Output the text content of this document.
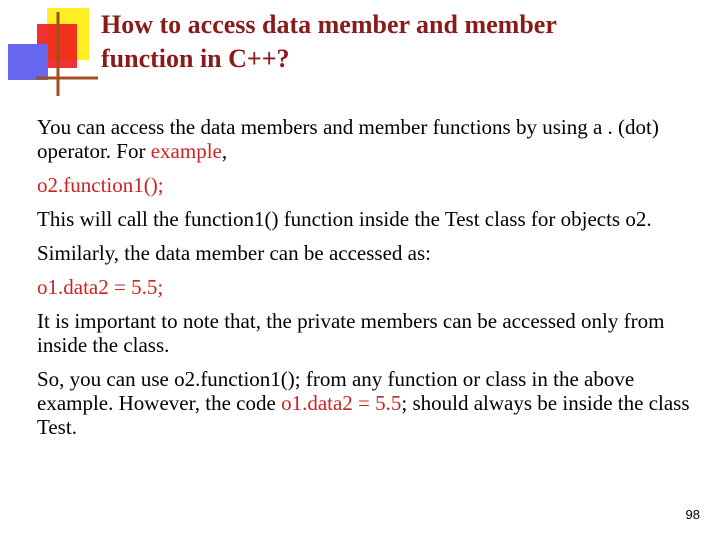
How to access data member and member
function in C++?

You can access the data members and member functions by using a . (dot) operator. For example,

o2.function1();

This will call the function1() function inside the Test class for objects o2.

Similarly, the data member can be accessed as:

o1.data2 = 5.5;

It is important to note that, the private members can be accessed only from inside the class.

So, you can use o2.function1(); from any function or class in the above example. However, the code o1.data2 = 5.5; should always be inside the class Test.

98
